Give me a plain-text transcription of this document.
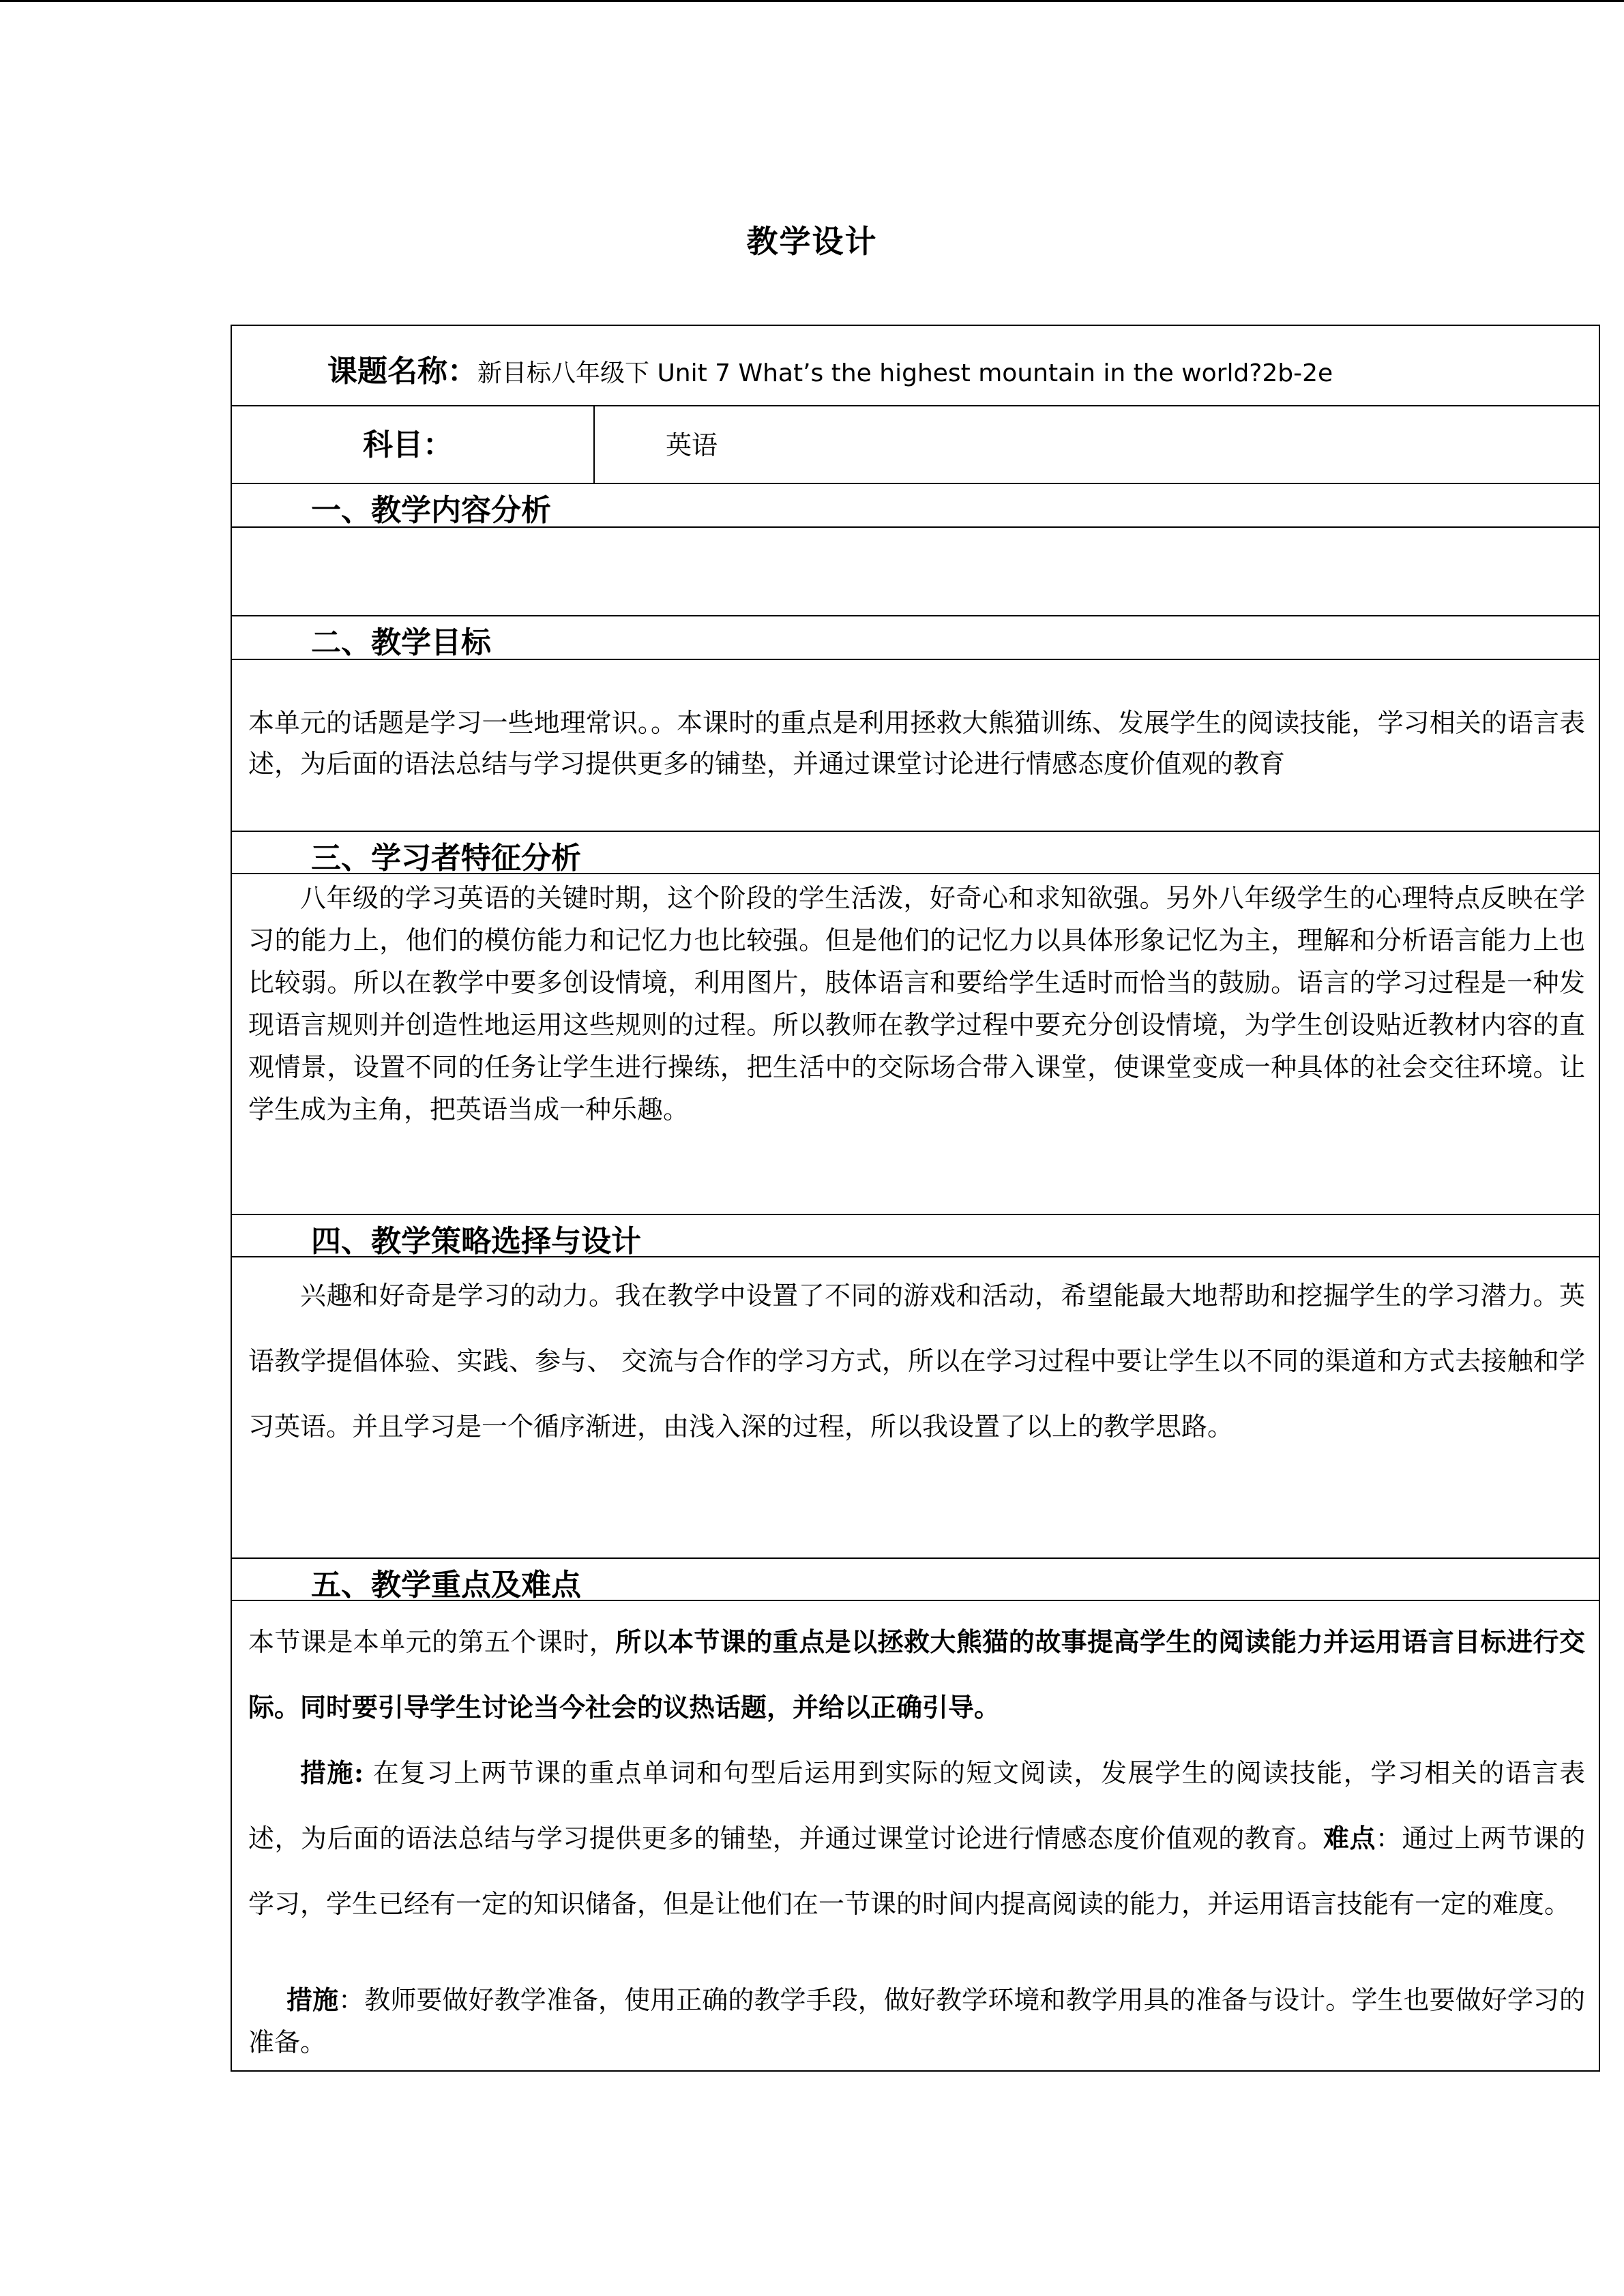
教学设计
课题名称：新目标八年级下 Unit 7 What’s the highest mountain in the world?2b-2e
科目：	英语
一、教学内容分析
二、教学目标
本单元的话题是学习一些地理常识。。本课时的重点是利用拯救大熊猫训练、发展学生的阅读技能，学习相关的语言表述，为后面的语法总结与学习提供更多的铺垫，并通过课堂讨论进行情感态度价值观的教育
三、学习者特征分析
八年级的学习英语的关键时期，这个阶段的学生活泼，好奇心和求知欲强。另外八年级学生的心理特点反映在学习的能力上，他们的模仿能力和记忆力也比较强。但是他们的记忆力以具体形象记忆为主，理解和分析语言能力上也比较弱。所以在教学中要多创设情境，利用图片，肢体语言和要给学生适时而恰当的鼓励。语言的学习过程是一种发现语言规则并创造性地运用这些规则的过程。所以教师在教学过程中要充分创设情境，为学生创设贴近教材内容的直观情景，设置不同的任务让学生进行操练，把生活中的交际场合带入课堂，使课堂变成一种具体的社会交往环境。让学生成为主角，把英语当成一种乐趣。
四、教学策略选择与设计
兴趣和好奇是学习的动力。我在教学中设置了不同的游戏和活动，希望能最大地帮助和挖掘学生的学习潜力。英语教学提倡体验、实践、参与、 交流与合作的学习方式，所以在学习过程中要让学生以不同的渠道和方式去接触和学习英语。并且学习是一个循序渐进，由浅入深的过程，所以我设置了以上的教学思路。
五、教学重点及难点
本节课是本单元的第五个课时，所以本节课的重点是以拯救大熊猫的故事提高学生的阅读能力并运用语言目标进行交际。同时要引导学生讨论当今社会的议热话题，并给以正确引导。
措施: 在复习上两节课的重点单词和句型后运用到实际的短文阅读，发展学生的阅读技能，学习相关的语言表述，为后面的语法总结与学习提供更多的铺垫，并通过课堂讨论进行情感态度价值观的教育。难点：通过上两节课的学习，学生已经有一定的知识储备，但是让他们在一节课的时间内提高阅读的能力，并运用语言技能有一定的难度。
措施：教师要做好教学准备，使用正确的教学手段，做好教学环境和教学用具的准备与设计。学生也要做好学习的准备。
